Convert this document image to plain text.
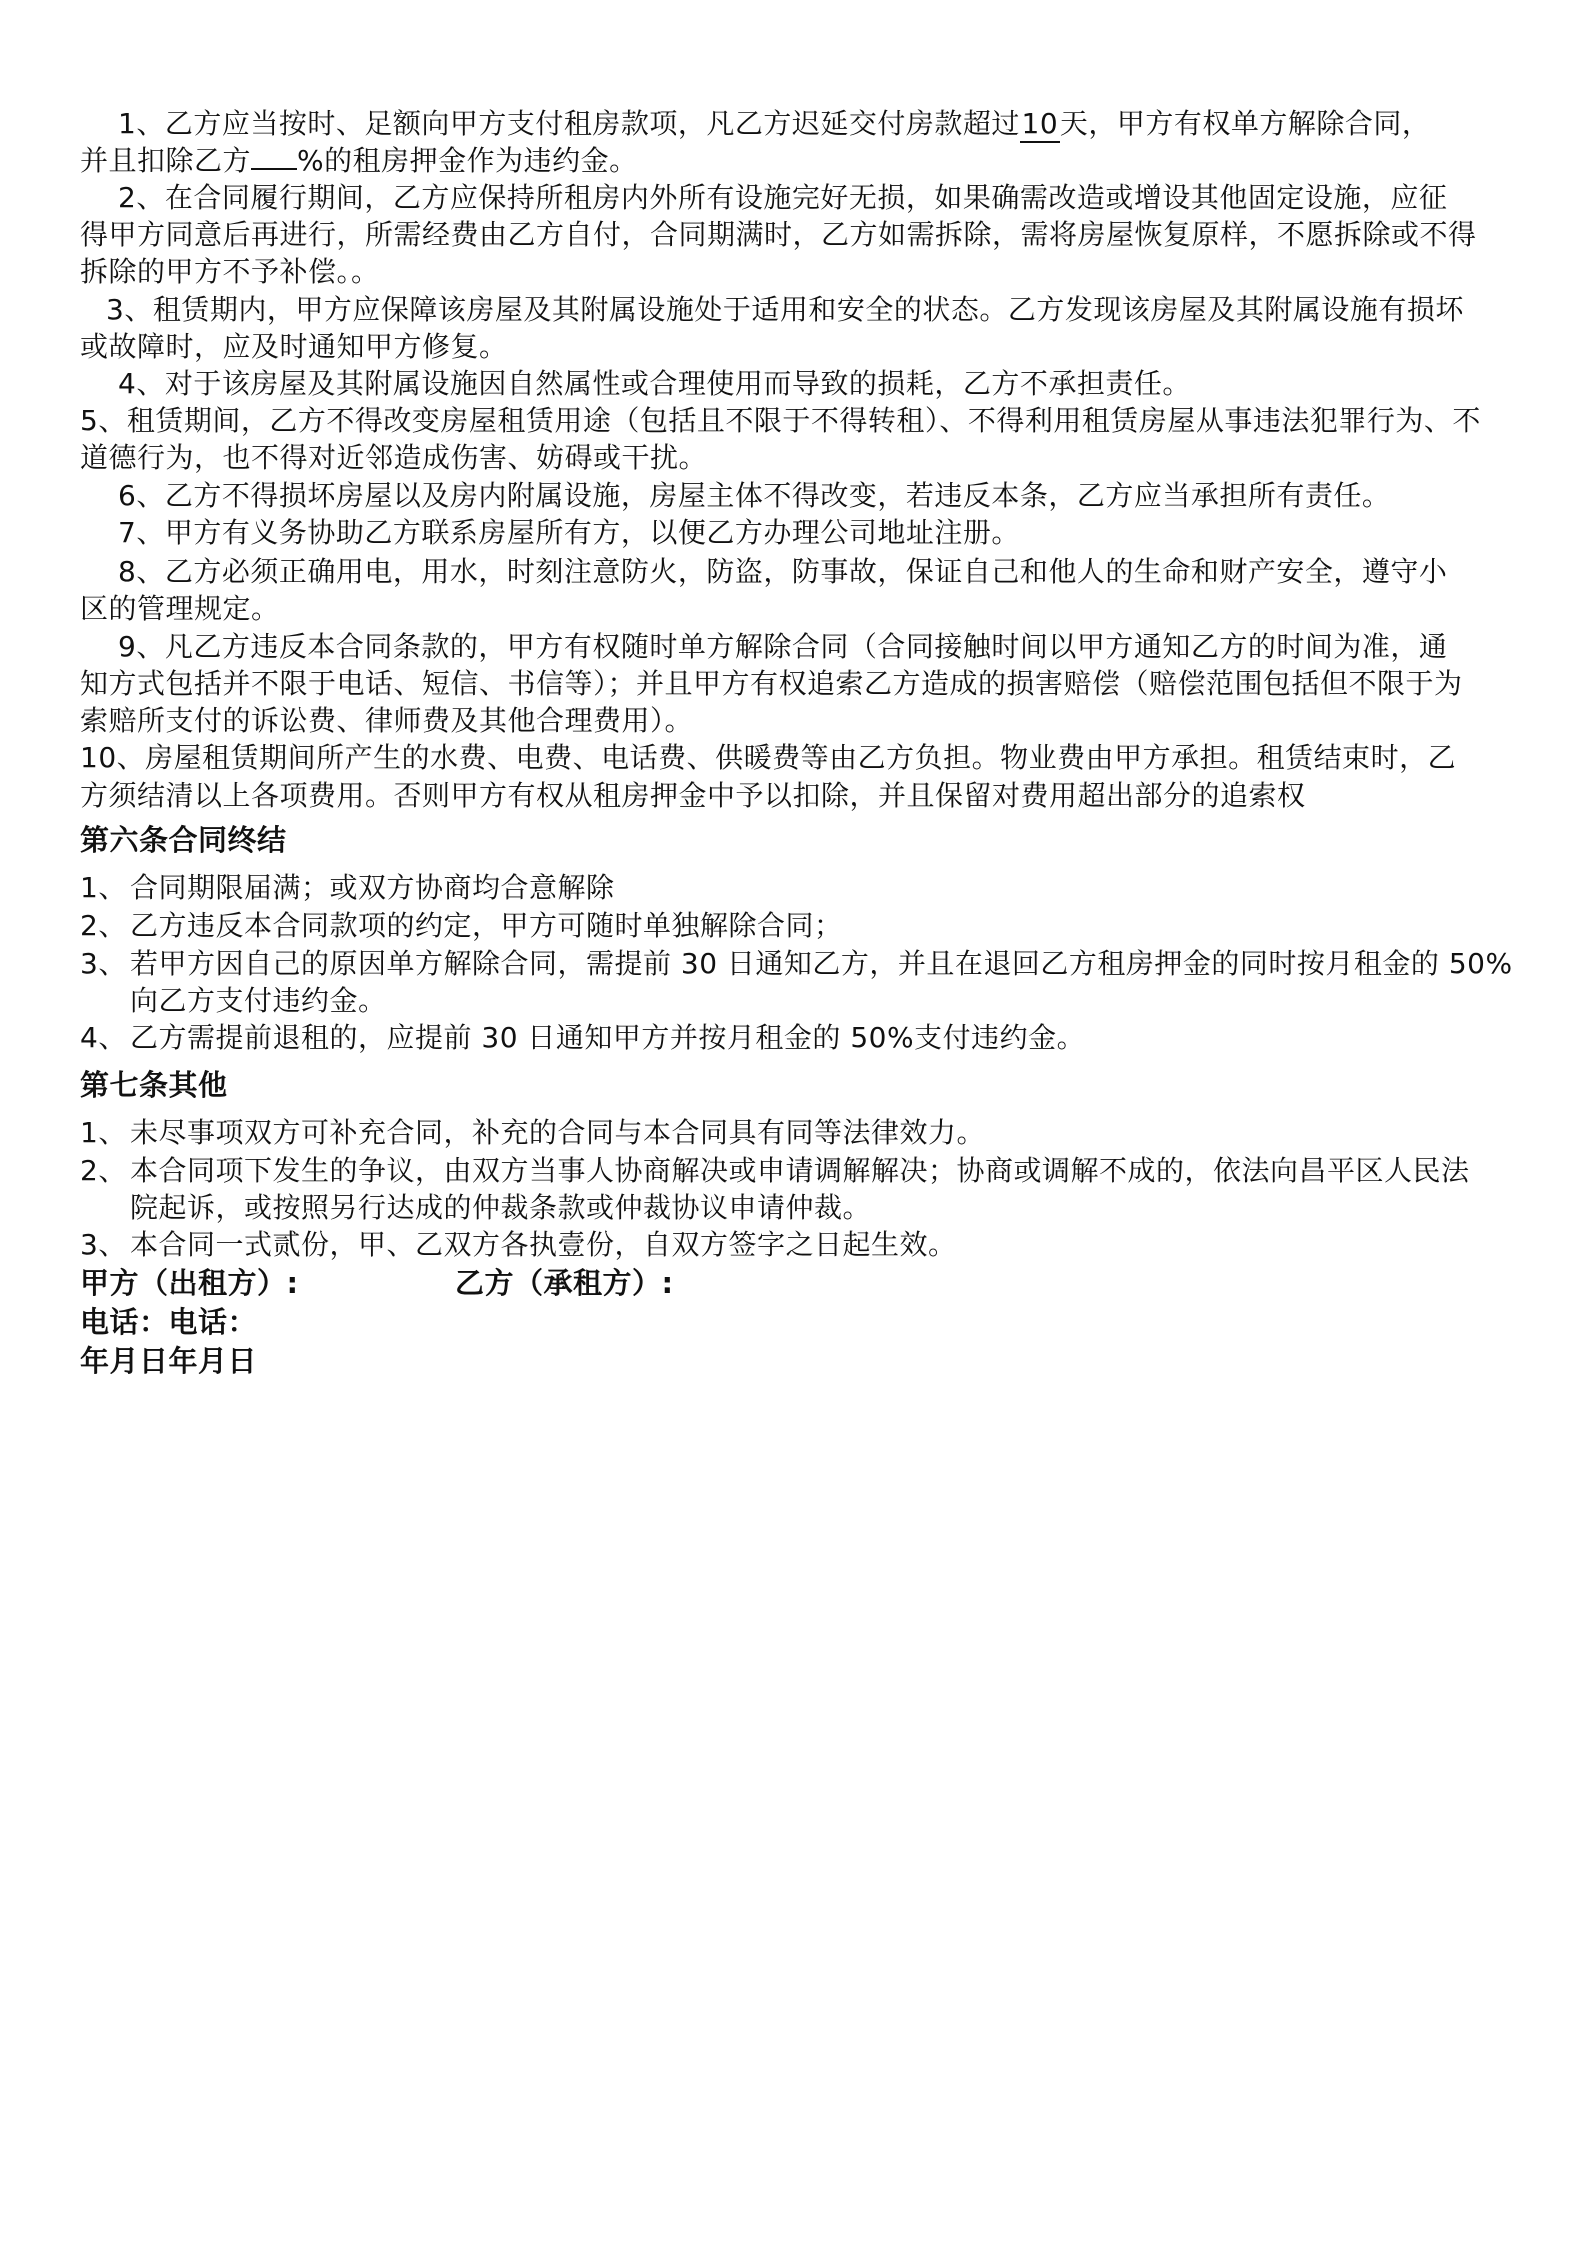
1、乙方应当按时、足额向甲方支付租房款项，凡乙方迟延交付房款超过10天，甲方有权单方解除合同，
并且扣除乙方 %的租房押金作为违约金。
2、在合同履行期间，乙方应保持所租房内外所有设施完好无损，如果确需改造或增设其他固定设施，应征
得甲方同意后再进行，所需经费由乙方自付，合同期满时，乙方如需拆除，需将房屋恢复原样，不愿拆除或不得
拆除的甲方不予补偿。。
3、租赁期内，甲方应保障该房屋及其附属设施处于适用和安全的状态。乙方发现该房屋及其附属设施有损坏
或故障时，应及时通知甲方修复。
4、对于该房屋及其附属设施因自然属性或合理使用而导致的损耗，乙方不承担责任。
5、租赁期间，乙方不得改变房屋租赁用途（包括且不限于不得转租）、不得利用租赁房屋从事违法犯罪行为、不
道德行为，也不得对近邻造成伤害、妨碍或干扰。
6、乙方不得损坏房屋以及房内附属设施，房屋主体不得改变，若违反本条，乙方应当承担所有责任。
7、甲方有义务协助乙方联系房屋所有方，以便乙方办理公司地址注册。
8、乙方必须正确用电，用水，时刻注意防火，防盗，防事故，保证自己和他人的生命和财产安全，遵守小
区的管理规定。
9、凡乙方违反本合同条款的，甲方有权随时单方解除合同（合同接触时间以甲方通知乙方的时间为准，通
知方式包括并不限于电话、短信、书信等）；并且甲方有权追索乙方造成的损害赔偿（赔偿范围包括但不限于为
索赔所支付的诉讼费、律师费及其他合理费用）。
10、房屋租赁期间所产生的水费、电费、电话费、供暖费等由乙方负担。物业费由甲方承担。租赁结束时，乙
方须结清以上各项费用。否则甲方有权从租房押金中予以扣除，并且保留对费用超出部分的追索权
第六条合同终结
1、 合同期限届满；或双方协商均合意解除
2、 乙方违反本合同款项的约定，甲方可随时单独解除合同；
3、 若甲方因自己的原因单方解除合同，需提前 30 日通知乙方，并且在退回乙方租房押金的同时按月租金的 50%
向乙方支付违约金。
4、 乙方需提前退租的，应提前 30 日通知甲方并按月租金的 50%支付违约金。
第七条其他
1、 未尽事项双方可补充合同，补充的合同与本合同具有同等法律效力。
2、 本合同项下发生的争议，由双方当事人协商解决或申请调解解决；协商或调解不成的，依法向昌平区人民法
院起诉，或按照另行达成的仲裁条款或仲裁协议申请仲裁。
3、 本合同一式贰份，甲、乙双方各执壹份，自双方签字之日起生效。
甲方（出租方）:	乙方（承租方）:
电话：电话：
年月日年月日
